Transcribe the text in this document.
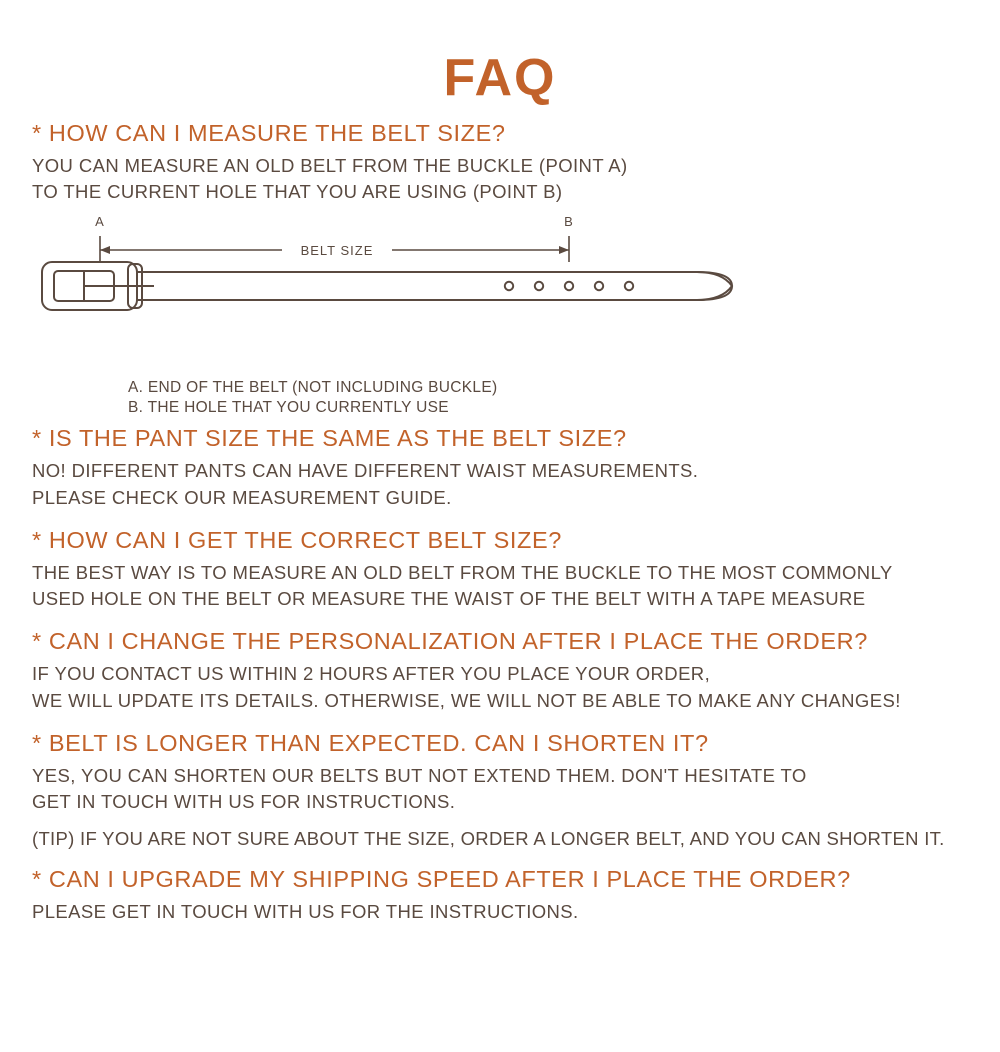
FAQ
* HOW CAN I MEASURE THE BELT SIZE?
YOU CAN MEASURE AN OLD BELT FROM THE BUCKLE (POINT A)
TO THE CURRENT HOLE THAT YOU ARE USING (POINT B)
A	B
BELT SIZE
A. END OF THE BELT (NOT INCLUDING BUCKLE)
B. THE HOLE THAT YOU CURRENTLY USE
* IS THE PANT SIZE THE SAME AS THE BELT SIZE?
NO! DIFFERENT PANTS CAN HAVE DIFFERENT WAIST MEASUREMENTS.
PLEASE CHECK OUR MEASUREMENT GUIDE.
* HOW CAN I GET THE CORRECT BELT SIZE?
THE BEST WAY IS TO MEASURE AN OLD BELT FROM THE BUCKLE TO THE MOST COMMONLY
USED HOLE ON THE BELT OR MEASURE THE WAIST OF THE BELT WITH A TAPE MEASURE
* CAN I CHANGE THE PERSONALIZATION AFTER I PLACE THE ORDER?
IF YOU CONTACT US WITHIN 2 HOURS AFTER YOU PLACE YOUR ORDER,
WE WILL UPDATE ITS DETAILS. OTHERWISE, WE WILL NOT BE ABLE TO MAKE ANY CHANGES!
* BELT IS LONGER THAN EXPECTED. CAN I SHORTEN IT?
YES, YOU CAN SHORTEN OUR BELTS BUT NOT EXTEND THEM. DON'T HESITATE TO
GET IN TOUCH WITH US FOR INSTRUCTIONS.
(TIP) IF YOU ARE NOT SURE ABOUT THE SIZE, ORDER A LONGER BELT, AND YOU CAN SHORTEN IT.
* CAN I UPGRADE MY SHIPPING SPEED AFTER I PLACE THE ORDER?
PLEASE GET IN TOUCH WITH US FOR THE INSTRUCTIONS.
